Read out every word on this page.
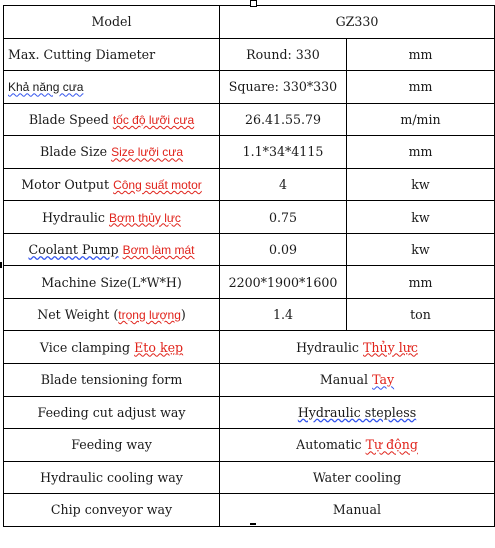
Model	GZ330	
Max. Cutting Diameter	Round: 330	mm
Khả năng cưa	Square: 330*330	mm
Blade Speed tốc độ lưỡi cưa	26.41.55.79	m/min
Blade Size Size lưỡi cưa	1.1*34*4115	mm
Motor Output Công suất motor	4	kw
Hydraulic Bơm thủy lực	0.75	kw
Coolant Pump Bơm làm mát	0.09	kw
Machine Size(L*W*H)	2200*1900*1600	mm
Net Weight (trọng lượng)	1.4	ton
Vice clamping Eto kẹp	Hydraulic Thủy lực	
Blade tensioning form	Manual Tay	
Feeding cut adjust way	Hydraulic stepless	
Feeding way	Automatic Tự động	
Hydraulic cooling way	Water cooling	
Chip conveyor way	Manual	
